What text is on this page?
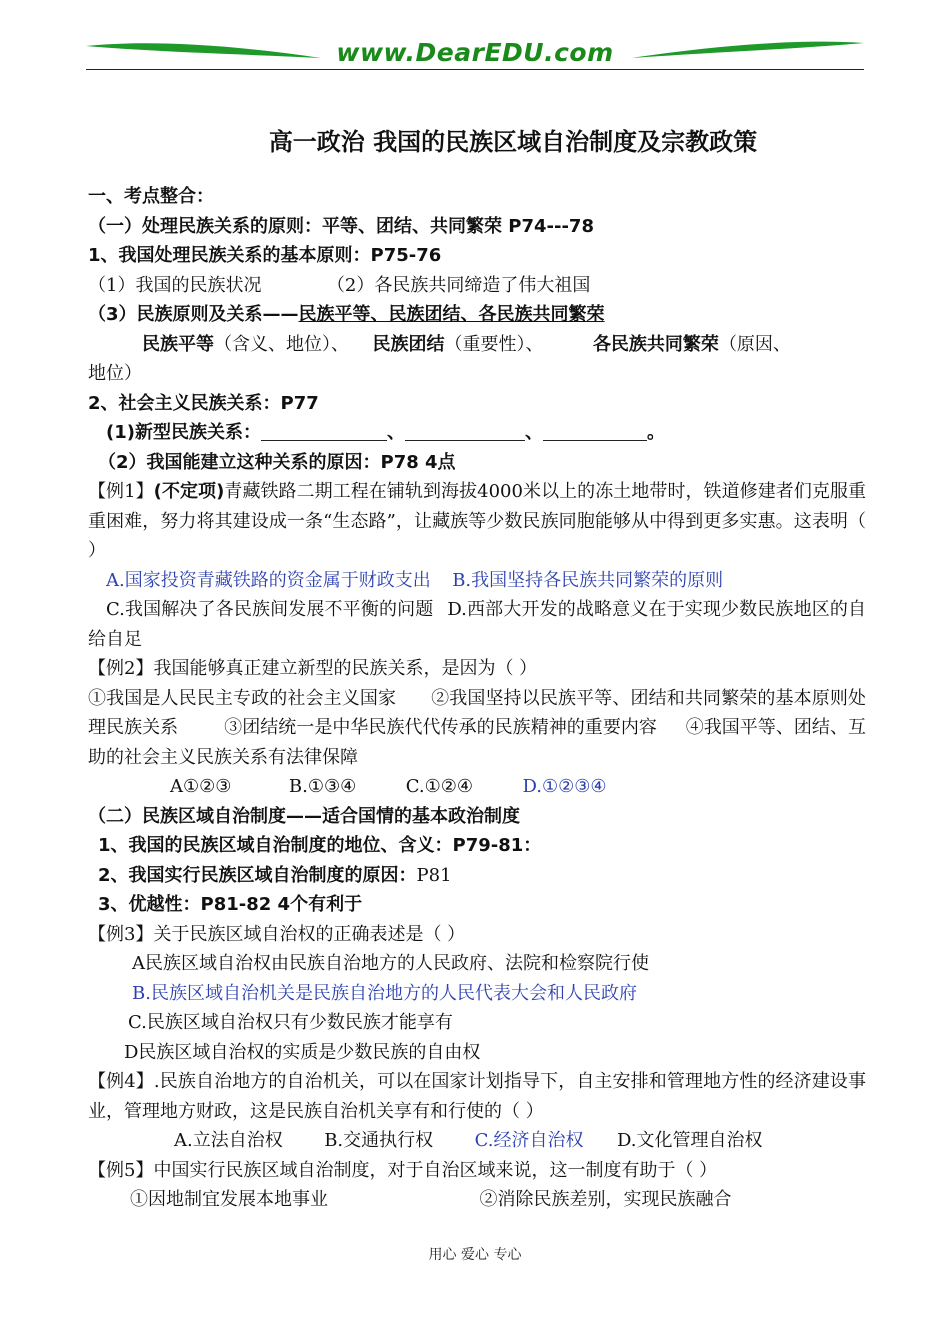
www.DearEDU.com
高一政治 我国的民族区域自治制度及宗教政策
一、考点整合：
（一）处理民族关系的原则：平等、团结、共同繁荣 P74---78
1、我国处理民族关系的基本原则：P75-76
（1）我国的民族状况	（2）各民族共同缔造了伟大祖国
（3）民族原则及关系——民族平等、民族团结、各民族共同繁荣
民族平等（含义、地位）、 民族团结（重要性）、	各民族共同繁荣（原因、
地位）
2、社会主义民族关系：P77
(1)新型民族关系：	、	、	。
（2）我国能建立这种关系的原因：P78 4点
【例1】(不定项)青藏铁路二期工程在铺轨到海拔4000米以上的冻土地带时，铁道修建者们克服重重困难，努力将其建设成一条“生态路”，让藏族等少数民族同胞能够从中得到更多实惠。这表明（ ）
A.国家投资青藏铁路的资金属于财政支出 B.我国坚持各民族共同繁荣的原则
C.我国解决了各民族间发展不平衡的问题 D.西部大开发的战略意义在于实现少数民族地区的自给自足
【例2】我国能够真正建立新型的民族关系，是因为（ ）
①我国是人民民主专政的社会主义国家      ②我国坚持以民族平等、团结和共同繁荣的基本原则处理民族关系        ③团结统一是中华民族代代传承的民族精神的重要内容     ④我国平等、团结、互助的社会主义民族关系有法律保障
A①②③	B.①③④	C.①②④	D.①②③④
（二）民族区域自治制度——适合国情的基本政治制度
1、我国的民族区域自治制度的地位、含义：P79-81：
2、我国实行民族区域自治制度的原因：P81
3、优越性：P81-82 4个有利于
【例3】关于民族区域自治权的正确表述是（ ）
A民族区域自治权由民族自治地方的人民政府、法院和检察院行使
B.民族区域自治机关是民族自治地方的人民代表大会和人民政府
C.民族区域自治权只有少数民族才能享有
D民族区域自治权的实质是少数民族的自由权
【例4】.民族自治地方的自治机关，可以在国家计划指导下，自主安排和管理地方性的经济建设事业，管理地方财政，这是民族自治机关享有和行使的（ ）
A.立法自治权 B.交通执行权 C.经济自治权 D.文化管理自治权
【例5】中国实行民族区域自治制度，对于自治区域来说，这一制度有助于（ ）
①因地制宜发展本地事业	②消除民族差别，实现民族融合
用心 爱心 专心
